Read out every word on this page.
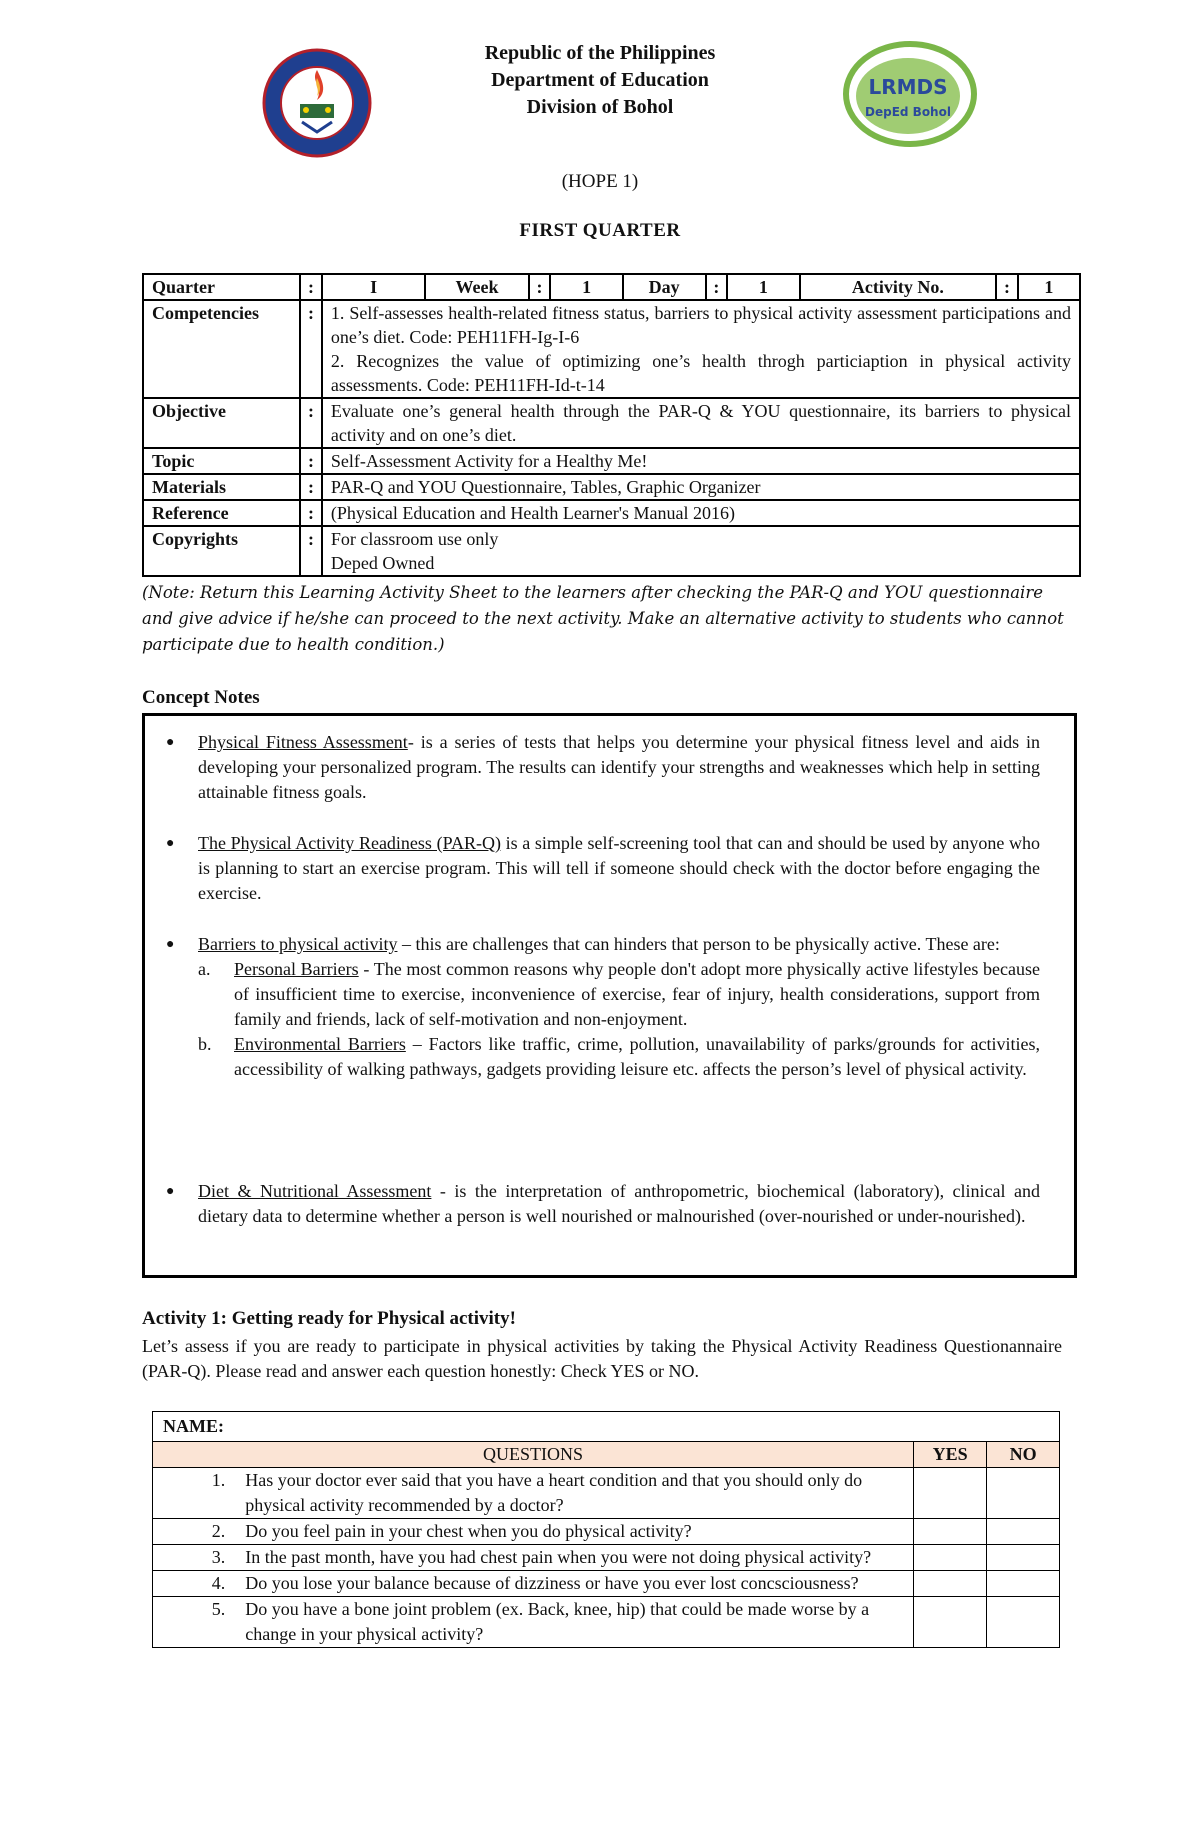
LRMDS
DepEd Bohol
Republic of the Philippines
Department of Education
Division of Bohol
(HOPE 1)
FIRST QUARTER
Quarter	:	I	Week	:	1	Day	:	1	Activity No.	:	1
Competencies	:	1. Self-assesses health-related fitness status, barriers to physical activity assessment participations and one’s diet. Code: PEH11FH-Ig-I-6
2. Recognizes the value of optimizing one’s health throgh particiaption in physical activity assessments. Code: PEH11FH-Id-t-14									

Objective	:	Evaluate one’s general health through the PAR-Q & YOU questionnaire, its barriers to physical activity and on one’s diet.									
Topic	:	Self-Assessment Activity for a Healthy Me!									
Materials	:	PAR-Q and YOU Questionnaire, Tables, Graphic Organizer									
Reference	:	(Physical Education and Health Learner's Manual 2016)									
Copyrights	:	For classroom use only
Deped Owned									
(Note: Return this Learning Activity Sheet to the learners after checking the PAR-Q and YOU questionnaire and give advice if he/she can proceed to the next activity. Make an alternative activity to students who cannot participate due to health condition.)
Concept Notes
● Physical Fitness Assessment- is a series of tests that helps you determine your physical fitness level and aids in developing your personalized program. The results can identify your strengths and weaknesses which help in setting attainable fitness goals.
● The Physical Activity Readiness (PAR-Q) is a simple self-screening tool that can and should be used by anyone who is planning to start an exercise program. This will tell if someone should check with the doctor before engaging the exercise.
● Barriers to physical activity – this are challenges that can hinders that person to be physically active. These are:
a. Personal Barriers - The most common reasons why people don't adopt more physically active lifestyles because of insufficient time to exercise, inconvenience of exercise, fear of injury, health considerations, support from family and friends, lack of self-motivation and non-enjoyment.
b. Environmental Barriers – Factors like traffic, crime, pollution, unavailability of parks/grounds for activities, accessibility of walking pathways, gadgets providing leisure etc. affects the person’s level of physical activity.
● Diet & Nutritional Assessment - is the interpretation of anthropometric, biochemical (laboratory), clinical and dietary data to determine whether a person is well nourished or malnourished (over-nourished or under-nourished).
Activity 1: Getting ready for Physical activity!
Let’s assess if you are ready to participate in physical activities by taking the Physical Activity Readiness Questionannaire (PAR-Q). Please read and answer each question honestly: Check YES or NO.
NAME:			
QUESTIONS		YES	NO
1.	Has your doctor ever said that you have a heart condition and that you should only do physical activity recommended by a doctor?		
2.	Do you feel pain in your chest when you do physical activity?		
3.	In the past month, have you had chest pain when you were not doing physical activity?		
4.	Do you lose your balance because of dizziness or have you ever lost concsciousness?		
5.	Do you have a bone joint problem (ex. Back, knee, hip) that could be made worse by a change in your physical activity?		
